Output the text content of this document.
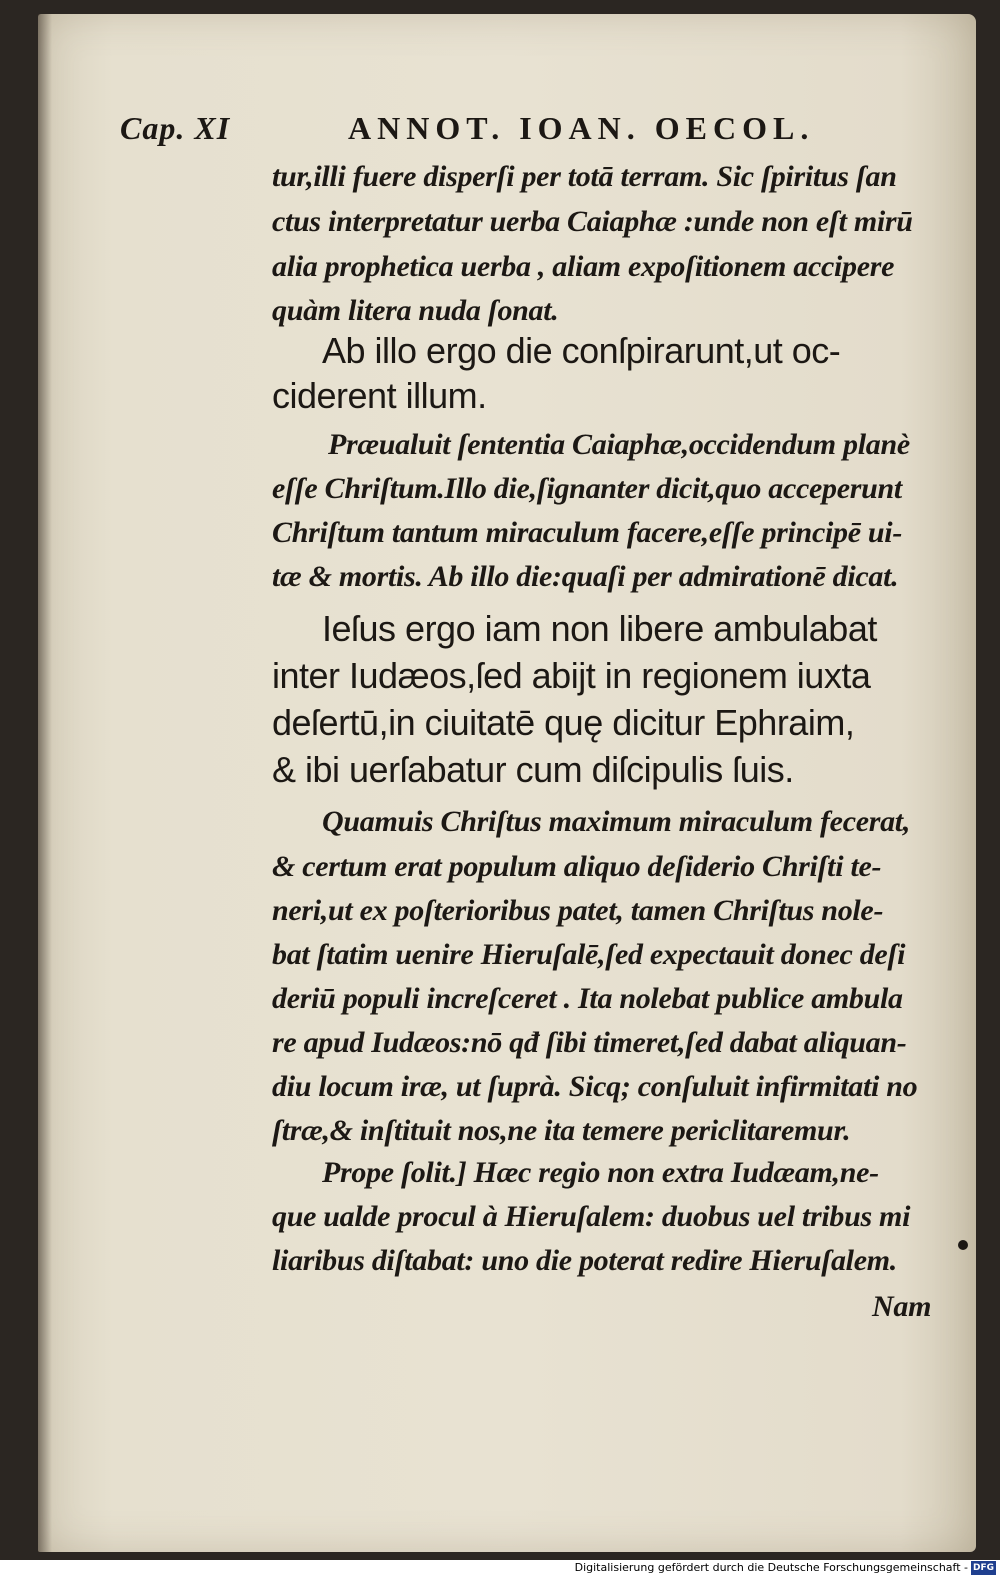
Cap. XI	ANNOT. IOAN. OECOL.
tur,illi fuere disperſi per totā terram. Sic ſpiritus ſan
ctus interpretatur uerba Caiaphæ :unde non eſt mirū
alia prophetica uerba , aliam expoſitionem accipere
quàm litera nuda ſonat.
Ab illo ergo die conſpirarunt,ut oc-
ciderent illum.
Præualuit ſententia Caiaphæ,occidendum planè
eſſe Chriſtum.Illo die,ſignanter dicit,quo acceperunt
Chriſtum tantum miraculum facere,eſſe principē ui-
tæ & mortis. Ab illo die:quaſi per admirationē dicat.
Ieſus ergo iam non libere ambulabat
inter Iudæos,ſed abijt in regionem iuxta
deſertū,in ciuitatē quę dicitur Ephraim,
& ibi uerſabatur cum diſcipulis ſuis.
Quamuis Chriſtus maximum miraculum fecerat,
& certum erat populum aliquo deſiderio Chriſti te-
neri,ut ex poſterioribus patet, tamen Chriſtus nole-
bat ſtatim uenire Hieruſalē,ſed expectauit donec deſi
deriū populi increſceret . Ita nolebat publice ambula
re apud Iudæos:nō qđ ſibi timeret,ſed dabat aliquan-
diu locum iræ, ut ſuprà. Sicq; conſuluit infirmitati no
ſtræ,& inſtituit nos,ne ita temere periclitaremur.
Prope ſolit.] Hæc regio non extra Iudæam,ne-
que ualde procul à Hieruſalem: duobus uel tribus mi
liaribus diſtabat: uno die poterat redire Hieruſalem.
Nam
Digitalisierung gefördert durch die Deutsche Forschungsgemeinschaft - DFG
